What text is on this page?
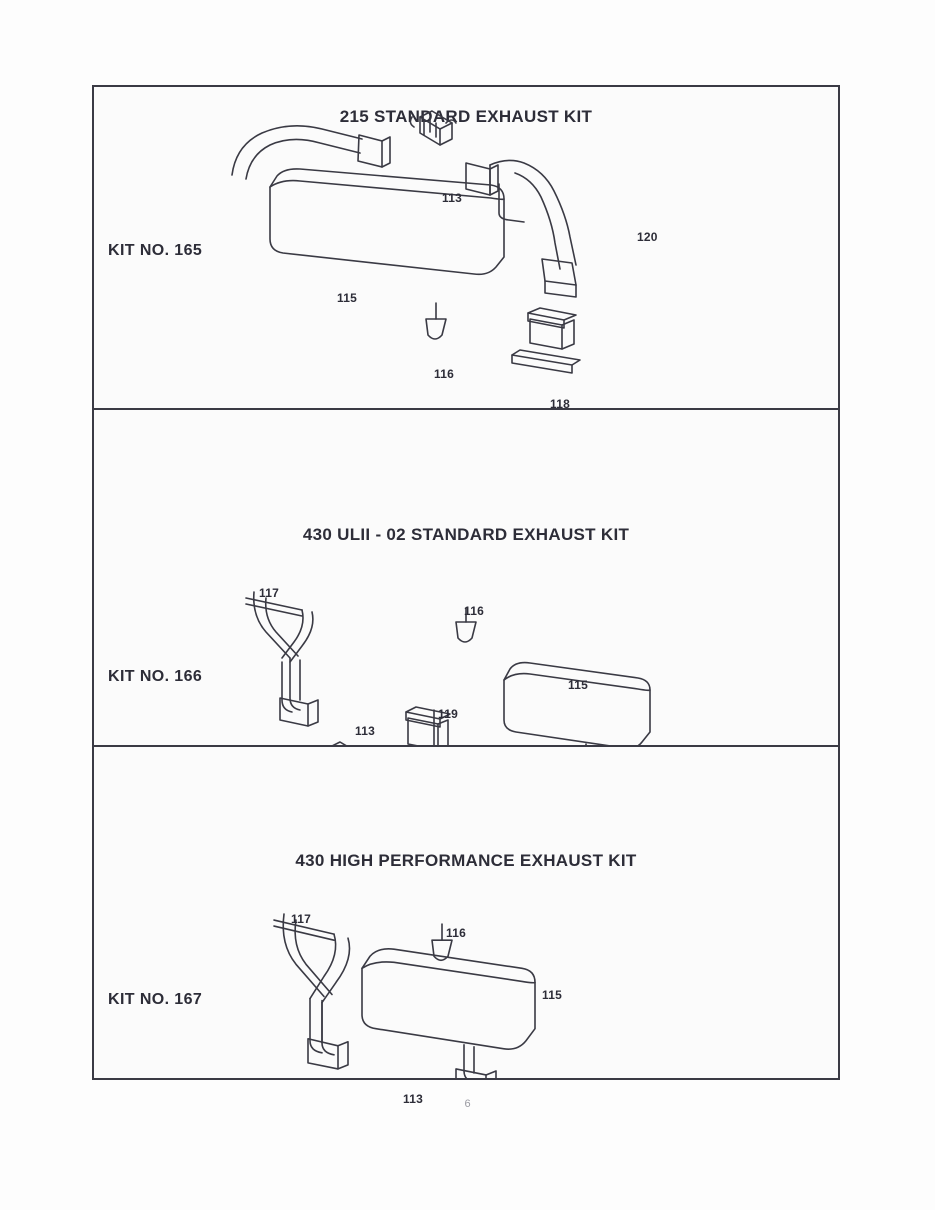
215 STANDARD EXHAUST KIT
KIT NO. 165
113
120
115
116
118
430 ULII - 02 STANDARD EXHAUST KIT
KIT NO. 166
117
116
115
113
119
430 HIGH PERFORMANCE EXHAUST KIT
KIT NO. 167
117
116
115
113	6
